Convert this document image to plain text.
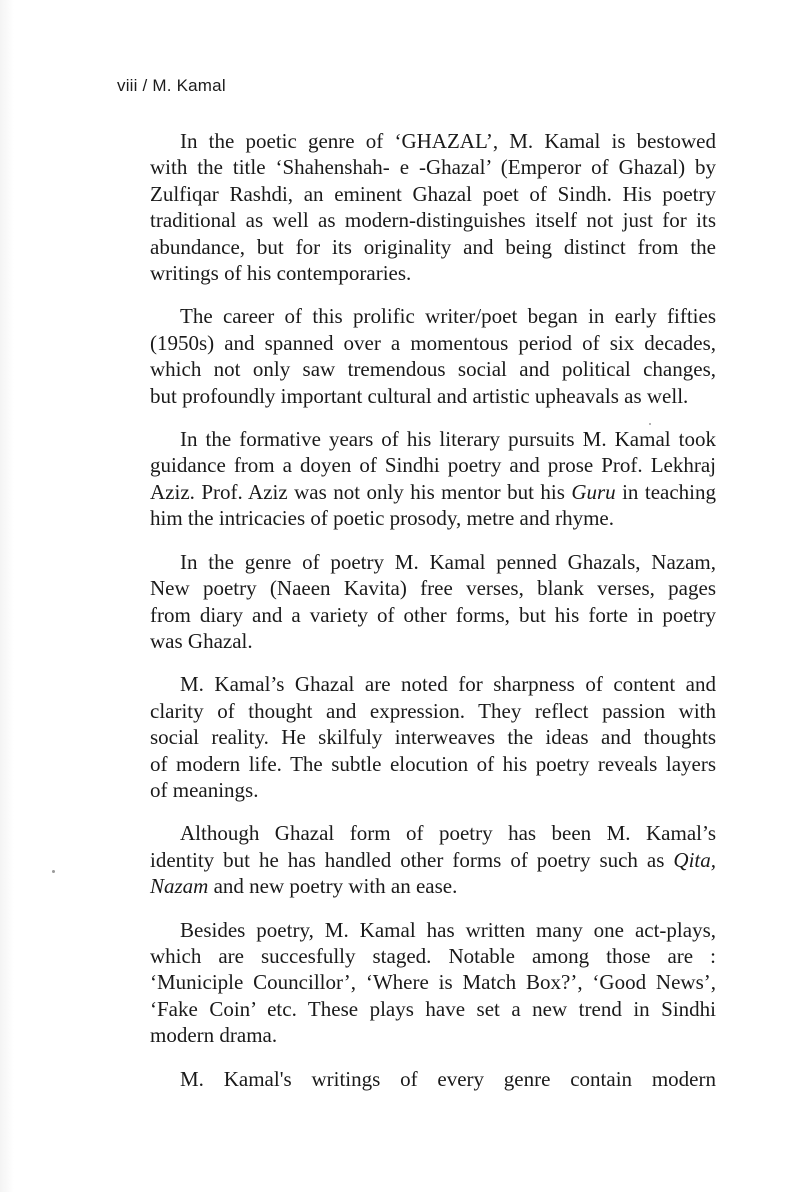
viii / M. Kamal
In the poetic genre of ‘GHAZAL’, M. Kamal is bestowed
with the title ‘Shahenshah- e -Ghazal’ (Emperor of Ghazal) by
Zulfiqar Rashdi, an eminent Ghazal poet of Sindh. His poetry
traditional as well as modern-distinguishes itself not just for its
abundance, but for its originality and being distinct from the
writings of his contemporaries.
The career of this prolific writer/poet began in early fifties
(1950s) and spanned over a momentous period of six decades,
which not only saw tremendous social and political changes,
but profoundly important cultural and artistic upheavals as well.
In the formative years of his literary pursuits M. Kamal took
guidance from a doyen of Sindhi poetry and prose Prof. Lekhraj
Aziz. Prof. Aziz was not only his mentor but his Guru in teaching
him the intricacies of poetic prosody, metre and rhyme.
In the genre of poetry M. Kamal penned Ghazals, Nazam,
New poetry (Naeen Kavita) free verses, blank verses, pages
from diary and a variety of other forms, but his forte in poetry
was Ghazal.
M. Kamal’s Ghazal are noted for sharpness of content and
clarity of thought and expression. They reflect passion with
social reality. He skilfuly interweaves the ideas and thoughts
of modern life. The subtle elocution of his poetry reveals layers
of meanings.
Although Ghazal form of poetry has been M. Kamal’s
identity but he has handled other forms of poetry such as Qita,
Nazam and new poetry with an ease.
Besides poetry, M. Kamal has written many one act-plays,
which are succesfully staged. Notable among those are :
‘Municiple Councillor’, ‘Where is Match Box?’, ‘Good News’,
‘Fake Coin’ etc. These plays have set a new trend in Sindhi
modern drama.
M. Kamal's writings of every genre contain modern
